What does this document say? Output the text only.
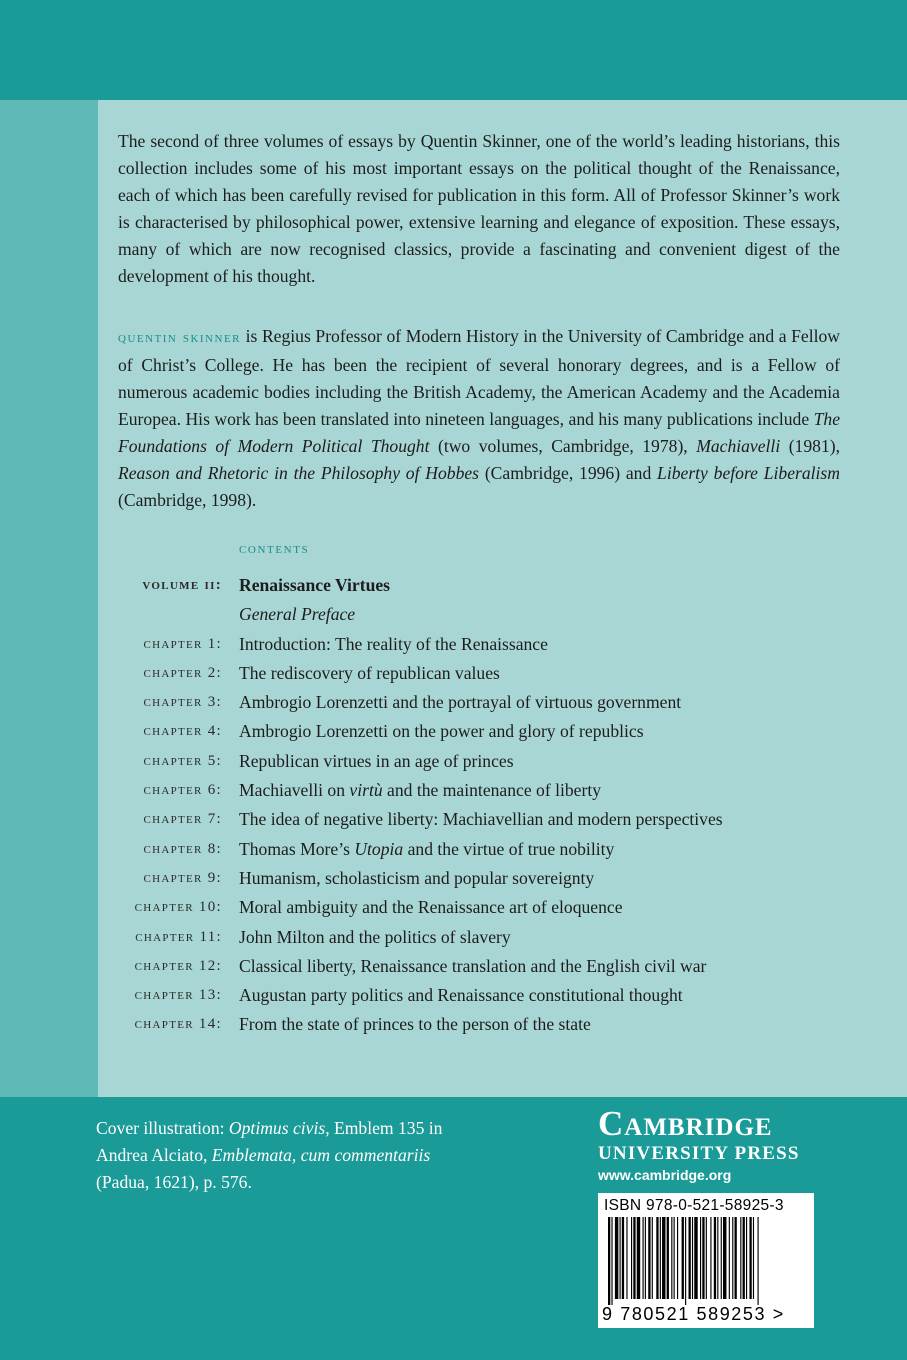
The second of three volumes of essays by Quentin Skinner, one of the world’s leading historians, this collection includes some of his most important essays on the political thought of the Renaissance, each of which has been carefully revised for publication in this form. All of Professor Skinner’s work is characterised by philosophical power, extensive learning and elegance of exposition. These essays, many of which are now recognised classics, provide a fascinating and convenient digest of the development of his thought.

quentin skinner is Regius Professor of Modern History in the University of Cambridge and a Fellow of Christ’s College. He has been the recipient of several honorary degrees, and is a Fellow of numerous academic bodies including the British Academy, the American Academy and the Academia Europea. His work has been translated into nineteen languages, and his many publications include The Foundations of Modern Political Thought (two volumes, Cambridge, 1978), Machiavelli (1981), Reason and Rhetoric in the Philosophy of Hobbes (Cambridge, 1996) and Liberty before Liberalism (Cambridge, 1998).

contents
volume ii: Renaissance Virtues
General Preface
chapter 1: Introduction: The reality of the Renaissance
chapter 2: The rediscovery of republican values
chapter 3: Ambrogio Lorenzetti and the portrayal of virtuous government
chapter 4: Ambrogio Lorenzetti on the power and glory of republics
chapter 5: Republican virtues in an age of princes
chapter 6: Machiavelli on virtù and the maintenance of liberty
chapter 7: The idea of negative liberty: Machiavellian and modern perspectives
chapter 8: Thomas More’s Utopia and the virtue of true nobility
chapter 9: Humanism, scholasticism and popular sovereignty
chapter 10: Moral ambiguity and the Renaissance art of eloquence
chapter 11: John Milton and the politics of slavery
chapter 12: Classical liberty, Renaissance translation and the English civil war
chapter 13: Augustan party politics and Renaissance constitutional thought
chapter 14: From the state of princes to the person of the state

Cover illustration: Optimus civis, Emblem 135 in Andrea Alciato, Emblemata, cum commentariis (Padua, 1621), p. 576.

Cambridge
UNIVERSITY PRESS
www.cambridge.org
ISBN 978-0-521-58925-3
9 780521 589253 >
